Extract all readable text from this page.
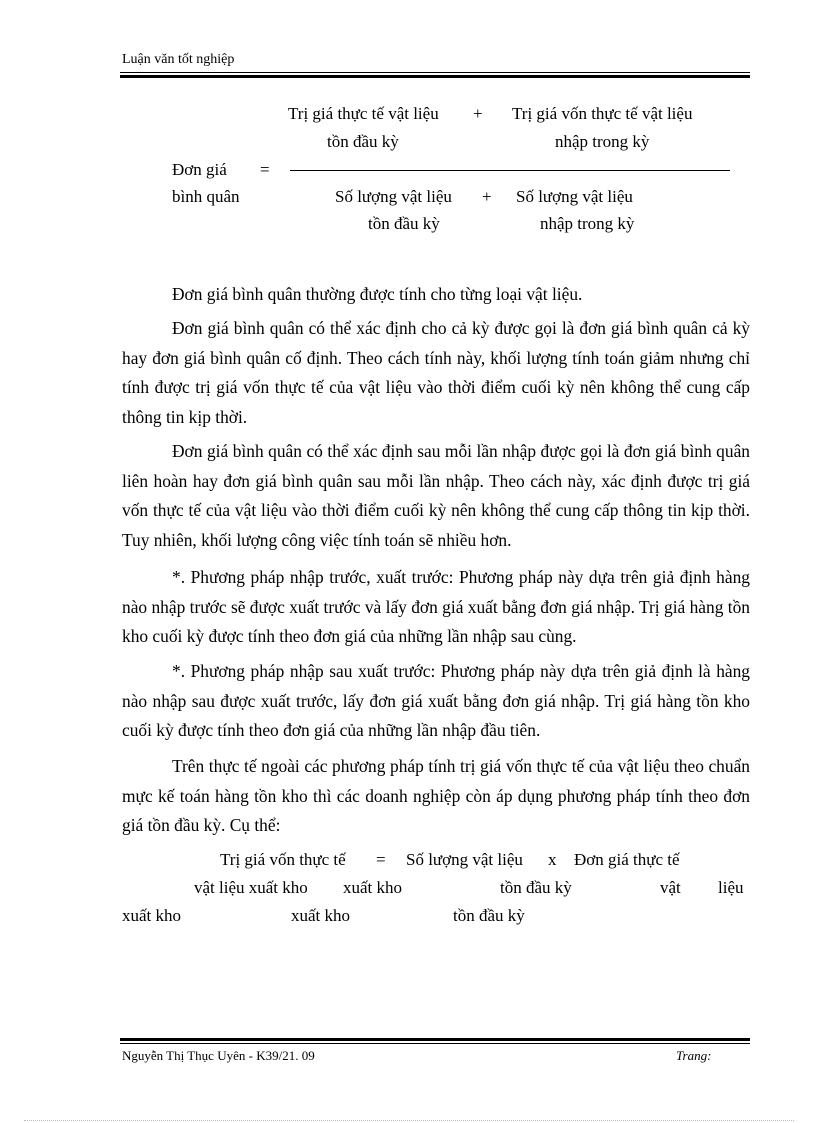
Luận văn tốt nghiệp
Trị giá thực tế vật liệu + Trị giá vốn thực tế vật liệu
tồn đầu kỳ	nhập trong kỳ
Đơn giá =
bình quân	Số lượng vật liệu + Số lượng vật liệu
tồn đầu kỳ	nhập trong kỳ

Đơn giá bình quân thường được tính cho từng loại vật liệu.

Đơn giá bình quân có thể xác định cho cả kỳ được gọi là đơn giá bình quân cả kỳ hay đơn giá bình quân cố định. Theo cách tính này, khối lượng tính toán giảm nhưng chỉ tính được trị giá vốn thực tế của vật liệu vào thời điểm cuối kỳ nên không thể cung cấp thông tin kịp thời.

Đơn giá bình quân có thể xác định sau mỗi lần nhập được gọi là đơn giá bình quân liên hoàn hay đơn giá bình quân sau mỗi lần nhập. Theo cách này, xác định được trị giá vốn thực tế của vật liệu vào thời điểm cuối kỳ nên không thể cung cấp thông tin kịp thời. Tuy nhiên, khối lượng công việc tính toán sẽ nhiều hơn.

*. Phương pháp nhập trước, xuất trước: Phương pháp này dựa trên giả định hàng nào nhập trước sẽ được xuất trước và lấy đơn giá xuất bằng đơn giá nhập. Trị giá hàng tồn kho cuối kỳ được tính theo đơn giá của những lần nhập sau cùng.

*. Phương pháp nhập sau xuất trước: Phương pháp này dựa trên giả định là hàng nào nhập sau được xuất trước, lấy đơn giá xuất bằng đơn giá nhập. Trị giá hàng tồn kho cuối kỳ được tính theo đơn giá của những lần nhập đầu tiên.

Trên thực tế ngoài các phương pháp tính trị giá vốn thực tế của vật liệu theo chuẩn mực kế toán hàng tồn kho thì các doanh nghiệp còn áp dụng phương pháp tính theo đơn giá tồn đầu kỳ. Cụ thể:

Trị giá vốn thực tế = Số lượng vật liệu x Đơn giá thực tế
vật liệu xuất kho xuất kho	tồn đầu kỳ	vật liệu
xuất kho	xuất kho	tồn đầu kỳ
Nguyễn Thị Thục Uyên - K39/21. 09	Trang:
